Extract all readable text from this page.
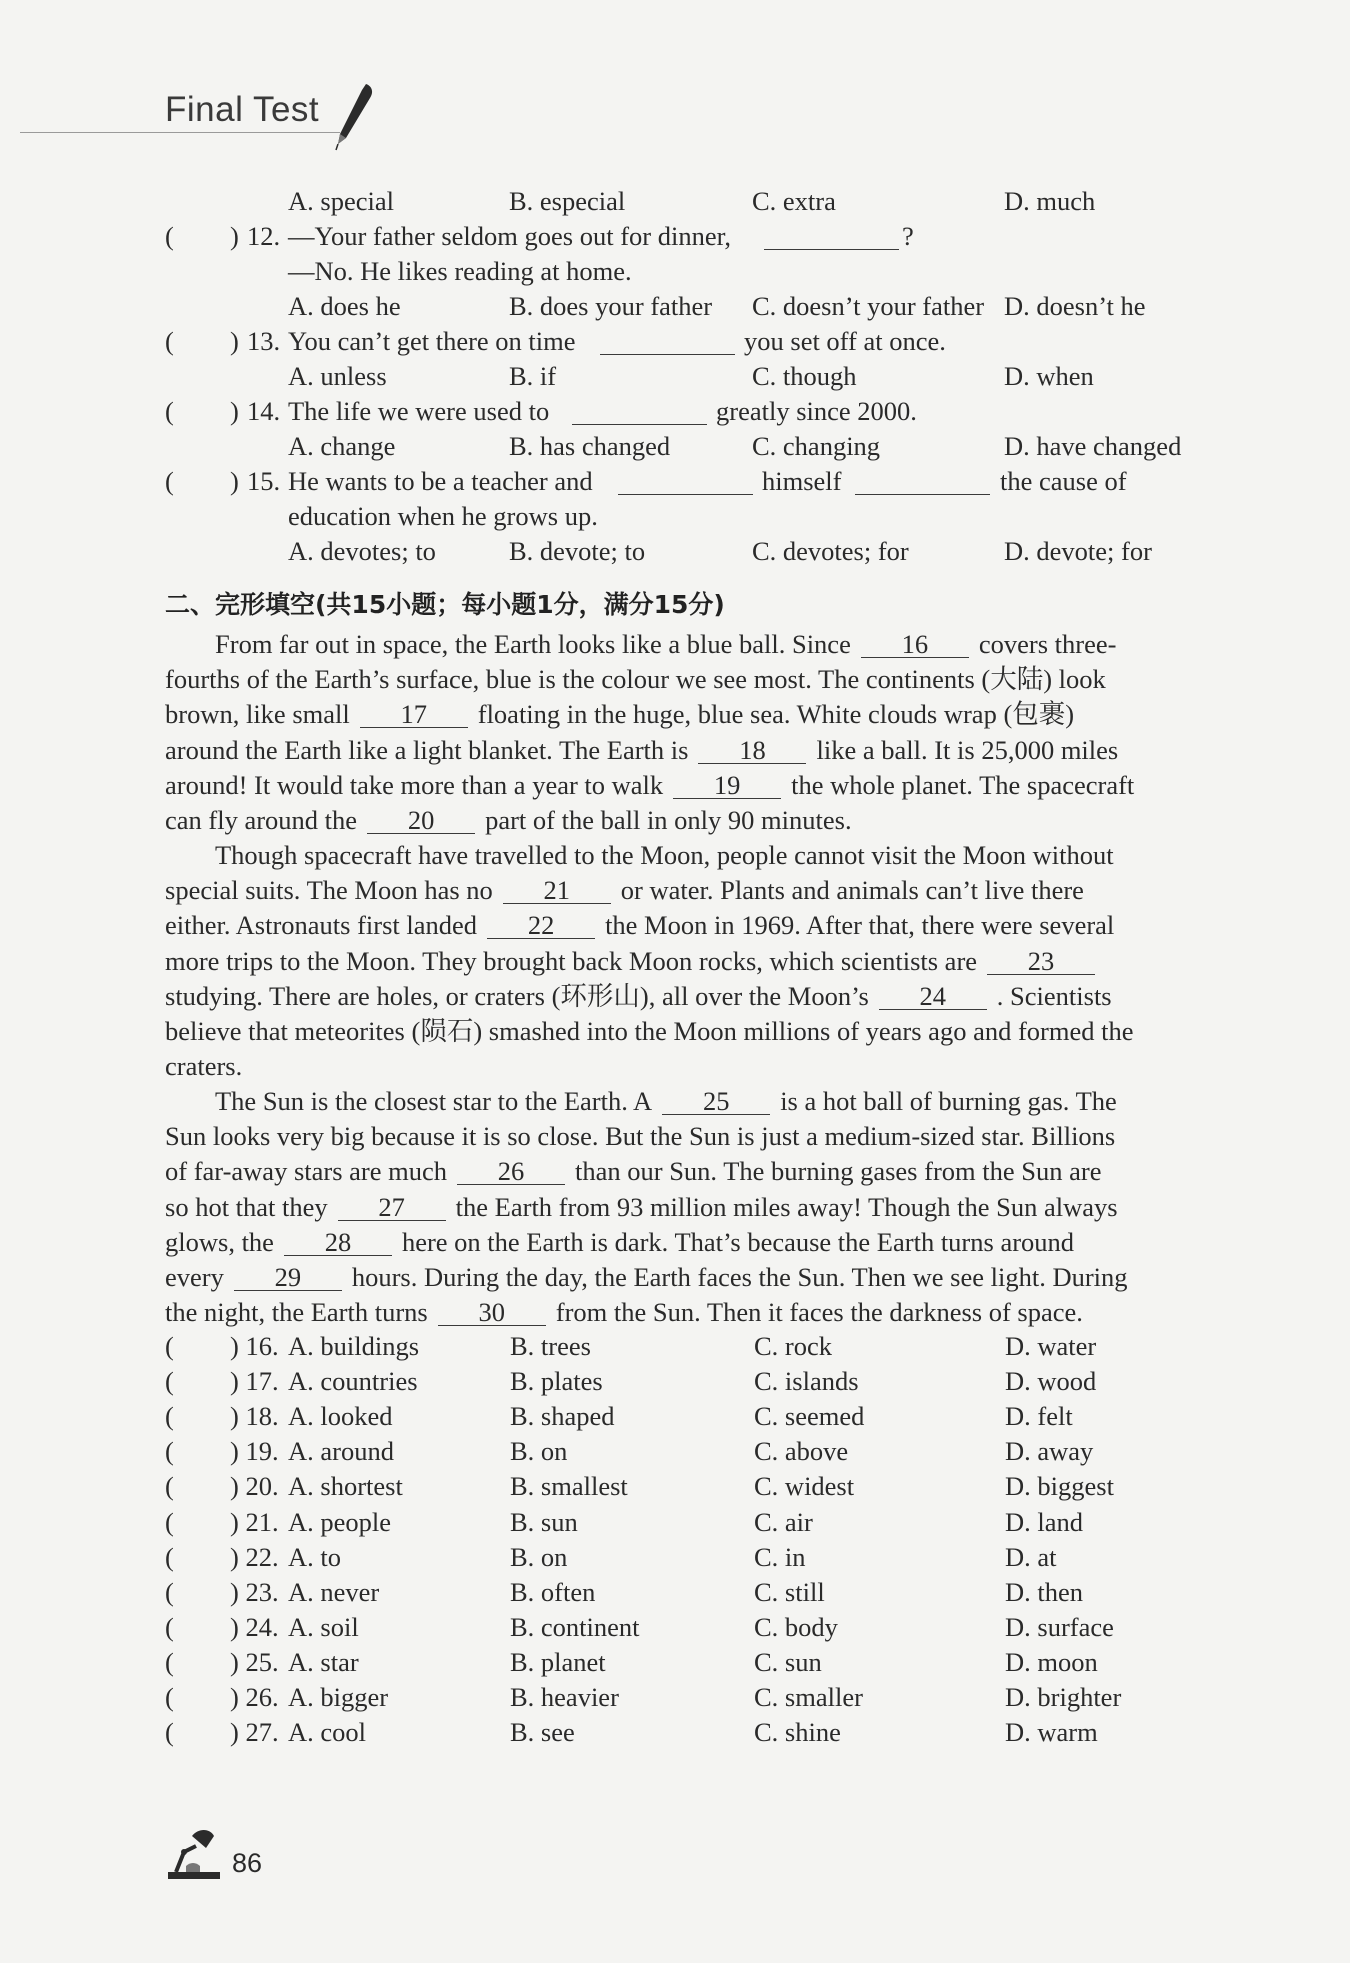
Final Test
A. special	B. especial	C. extra	D. much
( ) 12. —Your father seldom goes out for dinner,	?
—No. He likes reading at home.
A. does he	B. does your father C. doesn’t your father D. doesn’t he
( ) 13. You can’t get there on time	you set off at once.
A. unless	B. if	C. though	D. when
( ) 14. The life we were used to	greatly since 2000.
A. change	B. has changed	C. changing	D. have changed
( ) 15. He wants to be a teacher and	himself	the cause of
education when he grows up.
A. devotes; to	B. devote; to	C. devotes; for	D. devote; for
二、完形填空(共15小题；每小题1分，满分15分)
From far out in space, the Earth looks like a blue ball. Since 16 covers three-
fourths of the Earth’s surface, blue is the colour we see most. The continents (大陆) look
brown, like small 17 floating in the huge, blue sea. White clouds wrap (包裹)
around the Earth like a light blanket. The Earth is 18 like a ball. It is 25,000 miles
around! It would take more than a year to walk 19 the whole planet. The spacecraft
can fly around the 20 part of the ball in only 90 minutes.
Though spacecraft have travelled to the Moon, people cannot visit the Moon without
special suits. The Moon has no 21 or water. Plants and animals can’t live there
either. Astronauts first landed 22 the Moon in 1969. After that, there were several
more trips to the Moon. They brought back Moon rocks, which scientists are 23
studying. There are holes, or craters (环形山), all over the Moon’s 24 . Scientists
believe that meteorites (陨石) smashed into the Moon millions of years ago and formed the
craters.
The Sun is the closest star to the Earth. A 25 is a hot ball of burning gas. The
Sun looks very big because it is so close. But the Sun is just a medium-sized star. Billions
of far-away stars are much 26 than our Sun. The burning gases from the Sun are
so hot that they 27 the Earth from 93 million miles away! Though the Sun always
glows, the 28 here on the Earth is dark. That’s because the Earth turns around
every 29 hours. During the day, the Earth faces the Sun. Then we see light. During
the night, the Earth turns 30 from the Sun. Then it faces the darkness of space.
( ) 16. A. buildings	B. trees	C. rock	D. water
( ) 17. A. countries	B. plates	C. islands	D. wood
( ) 18. A. looked	B. shaped	C. seemed	D. felt
( ) 19. A. around	B. on	C. above	D. away
( ) 20. A. shortest	B. smallest	C. widest	D. biggest
( ) 21. A. people	B. sun	C. air	D. land
( ) 22. A. to	B. on	C. in	D. at
( ) 23. A. never	B. often	C. still	D. then
( ) 24. A. soil	B. continent	C. body	D. surface
( ) 25. A. star	B. planet	C. sun	D. moon
( ) 26. A. bigger	B. heavier	C. smaller	D. brighter
( ) 27. A. cool	B. see	C. shine	D. warm
86
